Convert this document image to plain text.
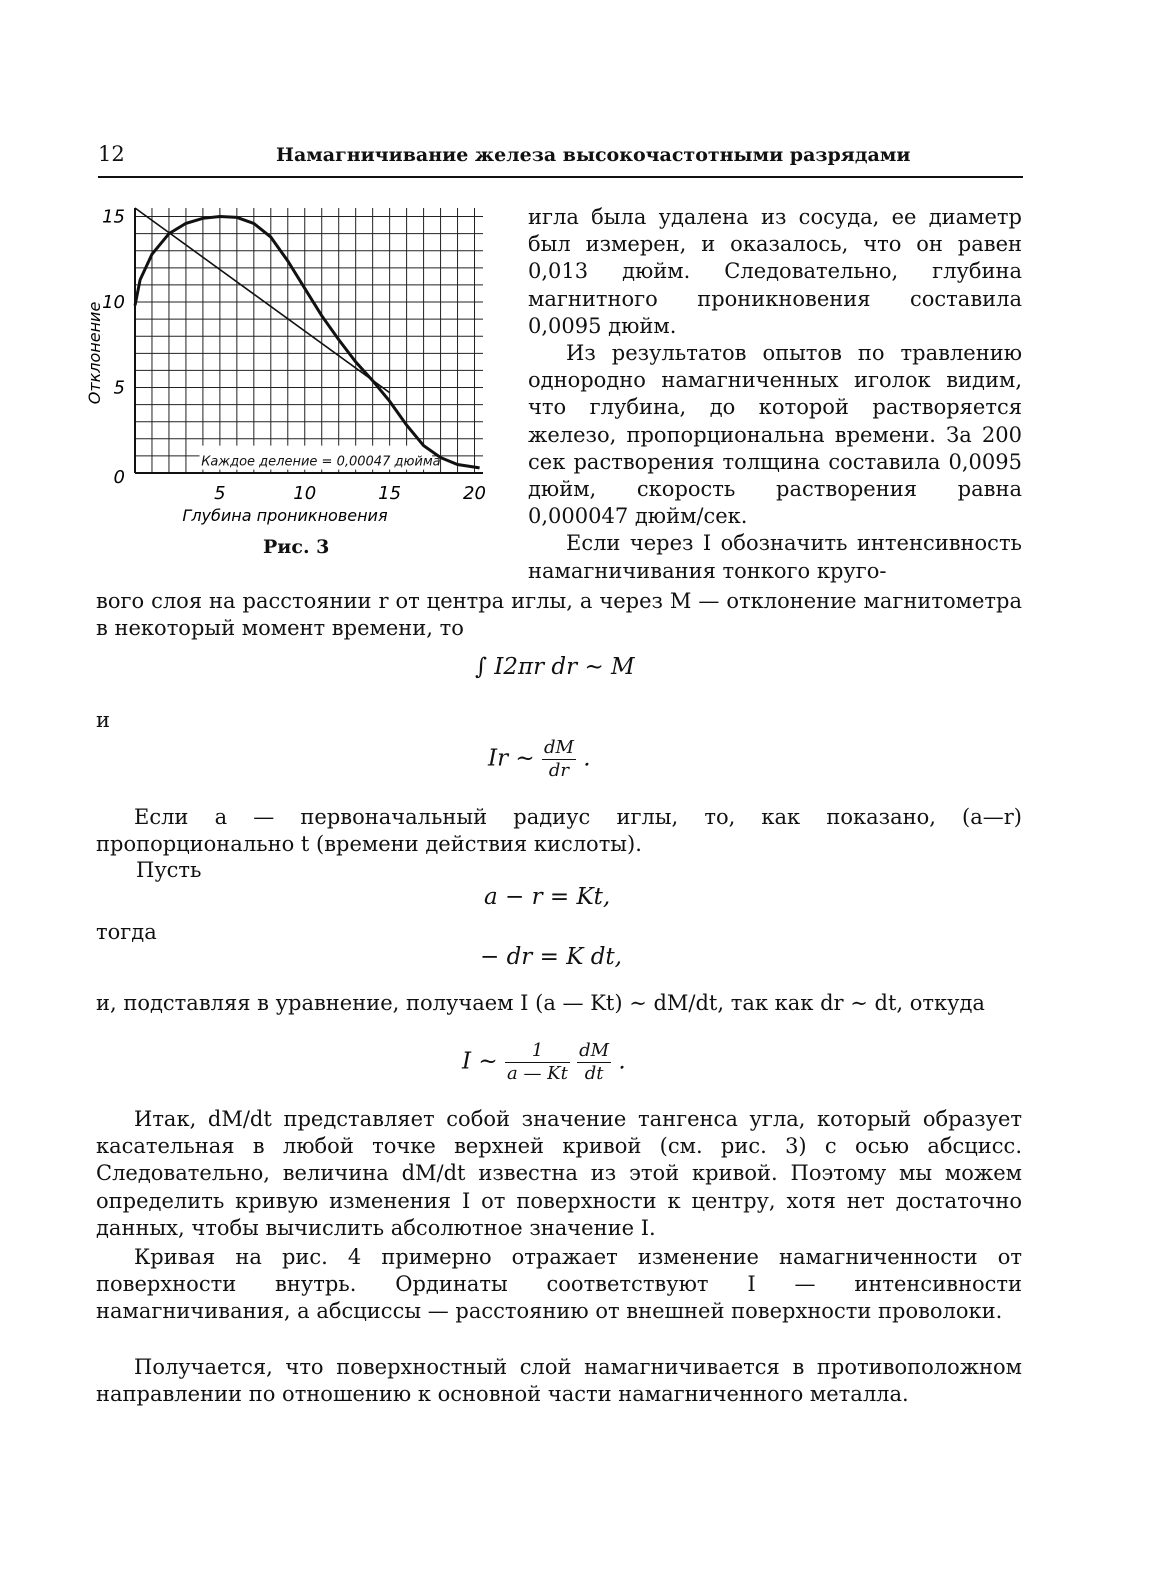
12	Намагничивание железа высокочастотными разрядами
Каждое деление = 0,00047 дюйма
5	10	15	20
0
5
10
15
Глубина проникновения
Отклонение
Рис. 3

игла была удалена из сосуда, ее диаметр был измерен, и оказалось, что он равен 0,013 дюйм. Следовательно, глубина магнитного проникновения составила 0,0095 дюйм.

Из результатов опытов по травлению однородно намагниченных иголок видим, что глубина, до которой растворяется железо, пропорциональна времени. За 200 сек растворения толщина составила 0,0095 дюйм, скорость растворения равна 0,000047 дюйм/сек.

Если через I обозначить интенсивность намагничивания тонкого круго-

вого слоя на расстоянии r от центра иглы, а через M — отклонение магнитометра в некоторый момент времени, то
∫ I2πr dr ∼ M
и
Ir ∼ $\frac{dM}{dr}$ .
Если a — первоначальный радиус иглы, то, как показано, (a—r) пропорционально t (времени действия кислоты).
Пусть
a − r = Kt,
тогда
− dr = K dt,
и, подставляя в уравнение, получаем I (a — Kt) ∼ dM/dt, так как dr ∼ dt, откуда
I ∼ $\frac{1}{a — Kt}$
$\frac{dM}{dt}$ .
Итак, dM/dt представляет собой значение тангенса угла, который образует касательная в любой точке верхней кривой (см. рис. 3) с осью абсцисс. Следовательно, величина dM/dt известна из этой кривой. Поэтому мы можем определить кривую изменения I от поверхности к центру, хотя нет достаточно данных, чтобы вычислить абсолютное значение I.
Кривая на рис. 4 примерно отражает изменение намагниченности от поверхности внутрь. Ординаты соответствуют I — интенсивности намагничивания, а абсциссы — расстоянию от внешней поверхности проволоки.
Получается, что поверхностный слой намагничивается в противоположном направлении по отношению к основной части намагниченного металла.
